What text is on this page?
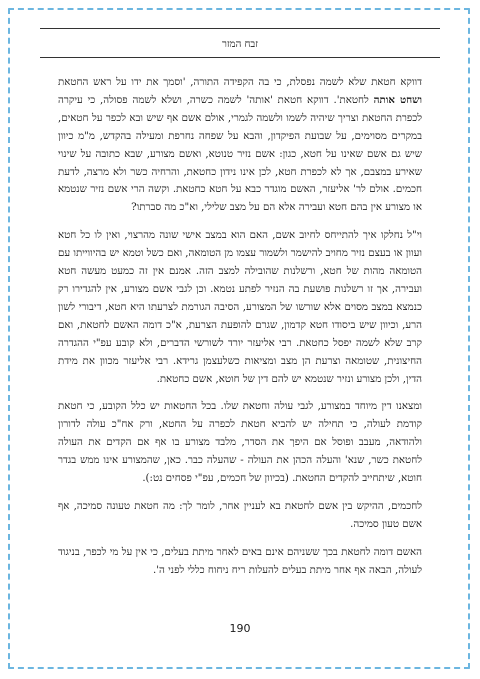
זבח המזר

דווקא חטאת שלא לשמה נפסלת, כי בה הקפידה התורה, 'וסמך את ידו על ראש החטאת ושחט אותה לחטאת'. דווקא חטאת 'אותה' לשמה כשרה, ושלא לשמה פסולה, כי עיקרה לכפרת החטאת וצריך שיהיה לשמו ולשמה לגמרי, אולם אשם אף שיש ובא לכפר על חטאים, במקרים מסוימים, על שבועת הפיקדון, והבא על שפחה נחרפת ומעילה בהקדש, מ"מ כיוון שיש גם אשם שאינו על חטא, כגון: אשם נזיר טנוטא, ואשם מצורע, שבא כתובה על שינוי שאירע במצבם, אך לא לכפרת חטא, לכן אינו נידון כחטאת, והרחיה כשר ולא מרצה, לדעת חכמים. אולם לר' אליעזר, האשם מוגדר כבא על חטא כחטאת. וקשה הרי אשם נזיר שנטמא או מצורע אין בהם חטא ועבירה אלא הם על מצב שלילי, וא"כ מה סברתו?

וי"ל נחלקו איך להתייחס לחיוב אשם, האם הוא במצב אישי שונה מהרצוי, ואין לו כל חטא ועוון או בעצם נזיר מחויב להישמר ולשמור עצמו מן הטומאה, ואם כשל וטמא יש בהיווייתו עם הטומאה מהות של חטא, ורשלנות שהובילה למצב הזה. אמנם אין זה כמעט מעשה חטא ועבירה, אך זו רשלנות פושעת בה הנזיר לפתע נטמא. וכן לגבי אשם מצורע, אין להגדירו רק כנמצא במצב מסוים אלא שורשו של המצורע, הסיבה הגורמת לצרעתו היא חטא, דיבורי לשון הרע, וכיוון שיש ביסודו חטא קדמון, שגרם להופעת הצרעת, א"כ דומה האשם לחטאת, ואם קרב שלא לשמה יפסל כחטאת. רבי אליעזר יורד לשורשי הדברים, ולא קובע עפ"י ההגדרה החיצונית, שטומאה וצרעת הן מצב ומציאות כשלעצמן גרידא. רבי אליעזר מכוון את מידת הדין, ולכן מצורע ונזיר שנטמא יש להם דין של חוטא, אשם כחטאת.

ומצאנו דין מיוחד במצורע, לגבי עולה וחטאת שלו. בכל החטאות יש כלל הקובע, כי חטאת קודמת לעולה, כי תחילה יש להביא חטאת לכפרה על החטא, ורק אח"כ עולה לדורון ולהודאה, מעבב ופוסל אם היפך את הסדר, מלבד מצורע בו אף אם הקדים את העולה לחטאת כשר, שנא' והעלה הכהן את העולה - שהעלה כבר. כאן, שהמצורע אינו ממש בגדר חוטא, שיתחייב להקדים החטאת. (בכיוון של חכמים, עפ"י פסחים נט:).

לחכמים, ההיקש בין אשם לחטאת בא לעניין אחר, לומר לך: מה חטאת טעונה סמיכה, אף אשם טעון סמיכה.

האשם דומה לחטאת בכך ששניהם אינם באים לאחר מיתת בעלים, כי אין על מי לכפר, בניגוד לעולה, הבאה אף אחר מיתת בעלים להעלות ריח ניחוח כללי לפני ה'.

190
